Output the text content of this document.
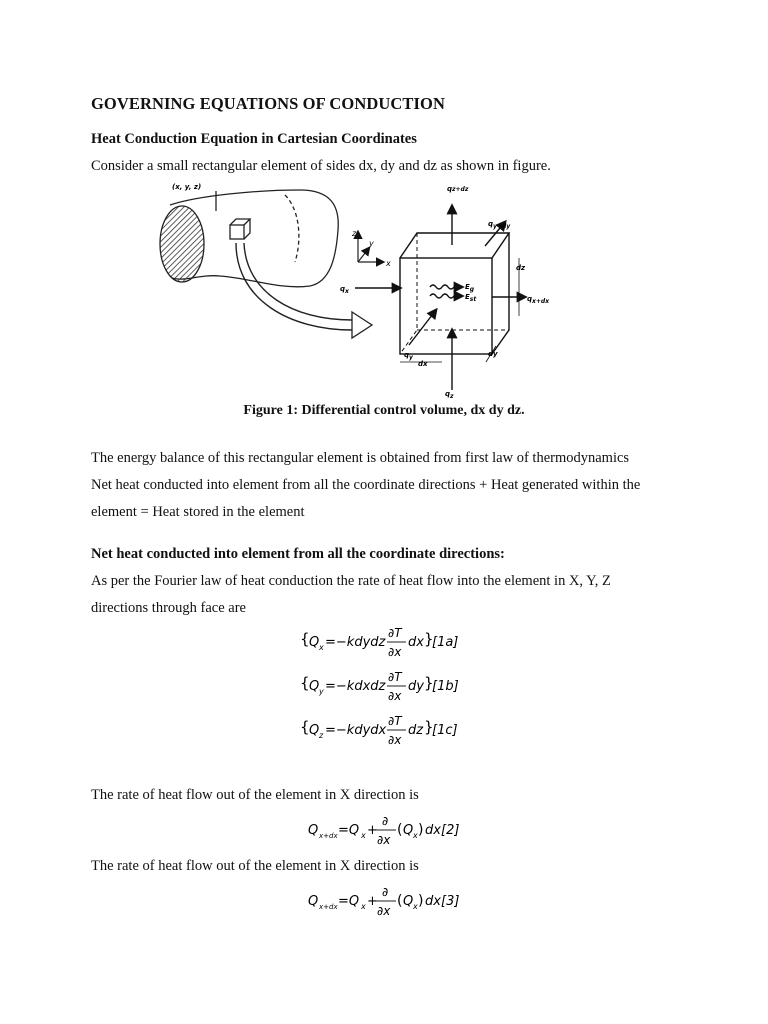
GOVERNING EQUATIONS OF CONDUCTION
Heat Conduction Equation in Cartesian Coordinates
Consider a small rectangular element of sides dx, dy and dz as shown in figure.
(x, y, z)
z
y
x
qz+dz
qy+dy
qx
qx+dx
qy
qz
Eg
Est
dz
dx
dy
Figure 1: Differential control volume, dx dy dz.
The energy balance of this rectangular element is obtained from first law of thermodynamics
Net heat conducted into element from all the coordinate directions + Heat generated within the
element = Heat stored in the element
Net heat conducted into element from all the coordinate directions:
As per the Fourier law of heat conduction the rate of heat flow into the element in X, Y, Z
directions through face are
{ Q x =−kdydz
∂T
∂x
dx }
[1a]
{ Q y =−kdxdz
∂T
∂x
dy }
[1b]
{ Q z =−kdydx
∂T
∂x
dz }
[1c]
The rate of heat flow out of the element in X direction is
Q x+dx =Q x +
∂
∂x
( Q x ) dx [2]
The rate of heat flow out of the element in X direction is
Q x+dx =Q x +
∂
∂x
( Q x ) dx [3]
